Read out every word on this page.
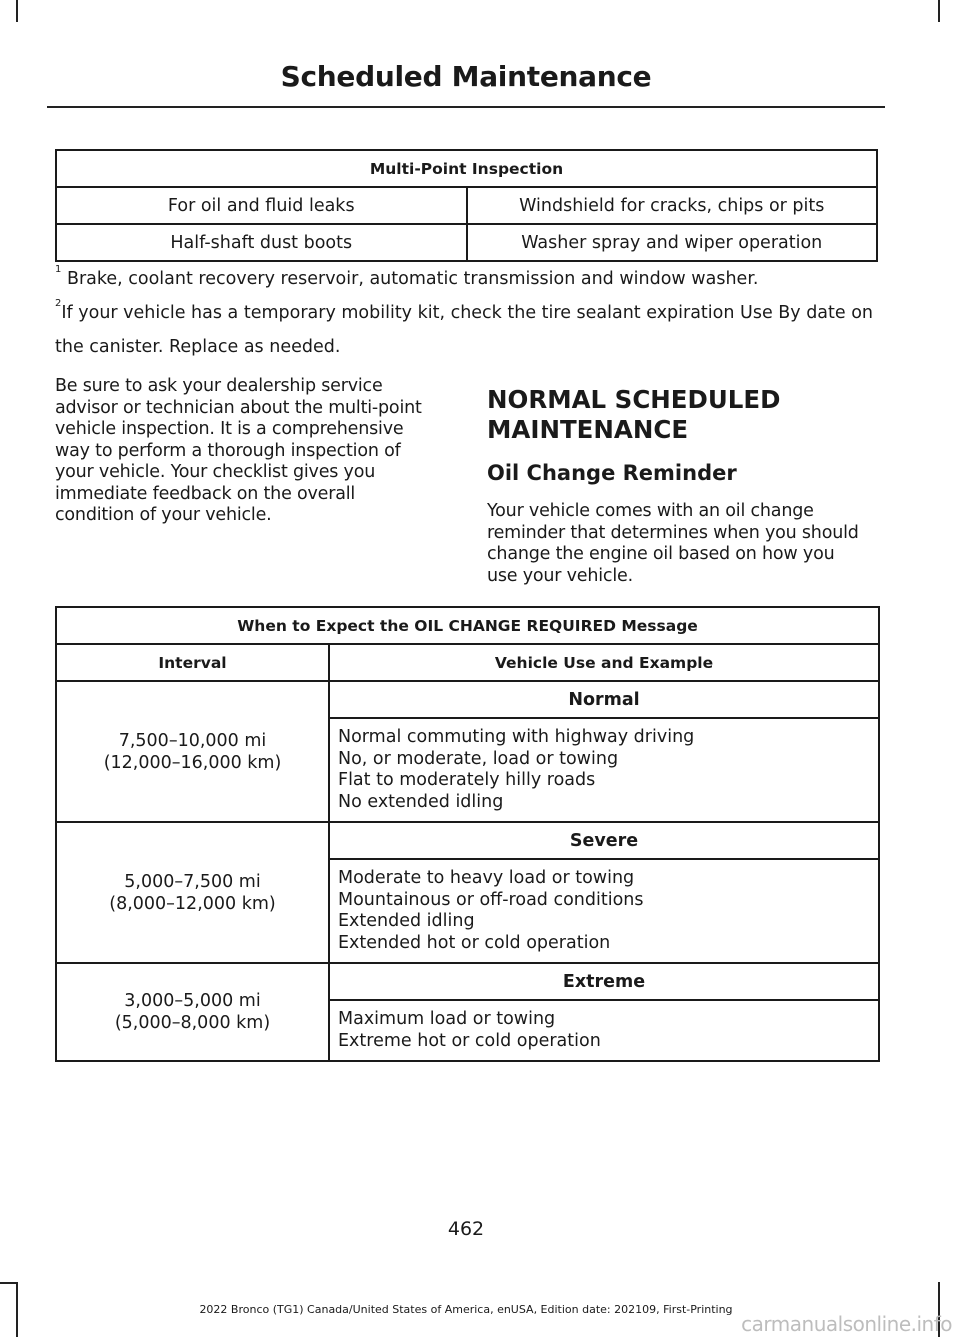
Scheduled Maintenance
Multi-Point Inspection	
For oil and fluid leaks	Windshield for cracks, chips or pits
Half-shaft dust boots	Washer spray and wiper operation

$^1$ Brake, coolant recovery reservoir, automatic transmission and window washer.

$^2$If your vehicle has a temporary mobility kit, check the tire sealant expiration Use By date on the canister. Replace as needed.

Be sure to ask your dealership service
advisor or technician about the multi-point
vehicle inspection. It is a comprehensive
way to perform a thorough inspection of
your vehicle. Your checklist gives you
immediate feedback on the overall
condition of your vehicle.

NORMAL SCHEDULED
MAINTENANCE

Oil Change Reminder

Your vehicle comes with an oil change
reminder that determines when you should
change the engine oil based on how you
use your vehicle.

When to Expect the OIL CHANGE REQUIRED Message	
Interval	Vehicle Use and Example

7,500–10,000 mi
(12,000–16,000 km)	Normal

	Normal commuting with highway driving
No, or moderate, load or towing
Flat to moderately hilly roads
No extended idling

5,000–7,500 mi
(8,000–12,000 km)	Severe

	Moderate to heavy load or towing
Mountainous or off-road conditions
Extended idling
Extended hot or cold operation

3,000–5,000 mi
(5,000–8,000 km)	Extreme

	Maximum load or towing
Extreme hot or cold operation
462
2022 Bronco (TG1) Canada/United States of America, enUSA, Edition date: 202109, First-Printing
carmanualsonline.info
